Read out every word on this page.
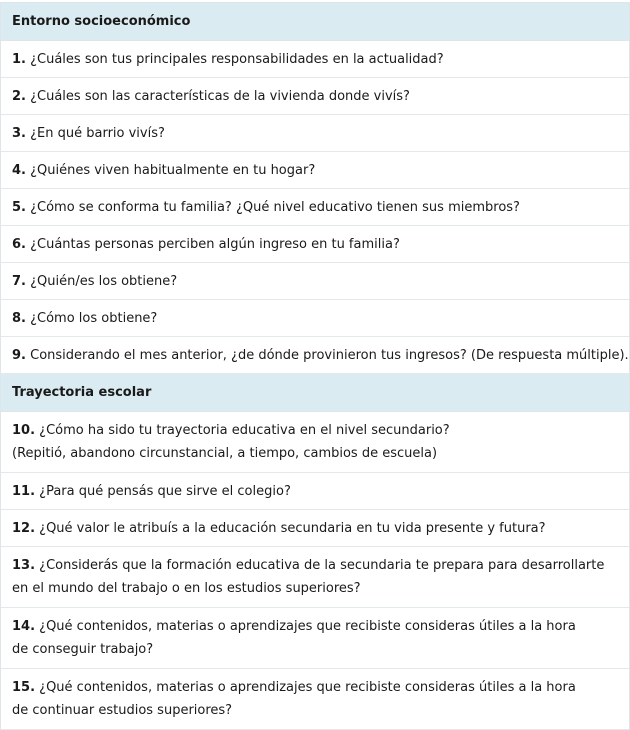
Entorno socioeconómico
1. ¿Cuáles son tus principales responsabilidades en la actualidad?
2. ¿Cuáles son las características de la vivienda donde vivís?
3. ¿En qué barrio vivís?
4. ¿Quiénes viven habitualmente en tu hogar?
5. ¿Cómo se conforma tu familia? ¿Qué nivel educativo tienen sus miembros?
6. ¿Cuántas personas perciben algún ingreso en tu familia?
7. ¿Quién/es los obtiene?
8. ¿Cómo los obtiene?
9. Considerando el mes anterior, ¿de dónde provinieron tus ingresos? (De respuesta múltiple).
Trayectoria escolar
10. ¿Cómo ha sido tu trayectoria educativa en el nivel secundario?
(Repitió, abandono circunstancial, a tiempo, cambios de escuela)
11. ¿Para qué pensás que sirve el colegio?
12. ¿Qué valor le atribuís a la educación secundaria en tu vida presente y futura?
13. ¿Considerás que la formación educativa de la secundaria te prepara para desarrollarte
en el mundo del trabajo o en los estudios superiores?
14. ¿Qué contenidos, materias o aprendizajes que recibiste consideras útiles a la hora
de conseguir trabajo?
15. ¿Qué contenidos, materias o aprendizajes que recibiste consideras útiles a la hora
de continuar estudios superiores?
